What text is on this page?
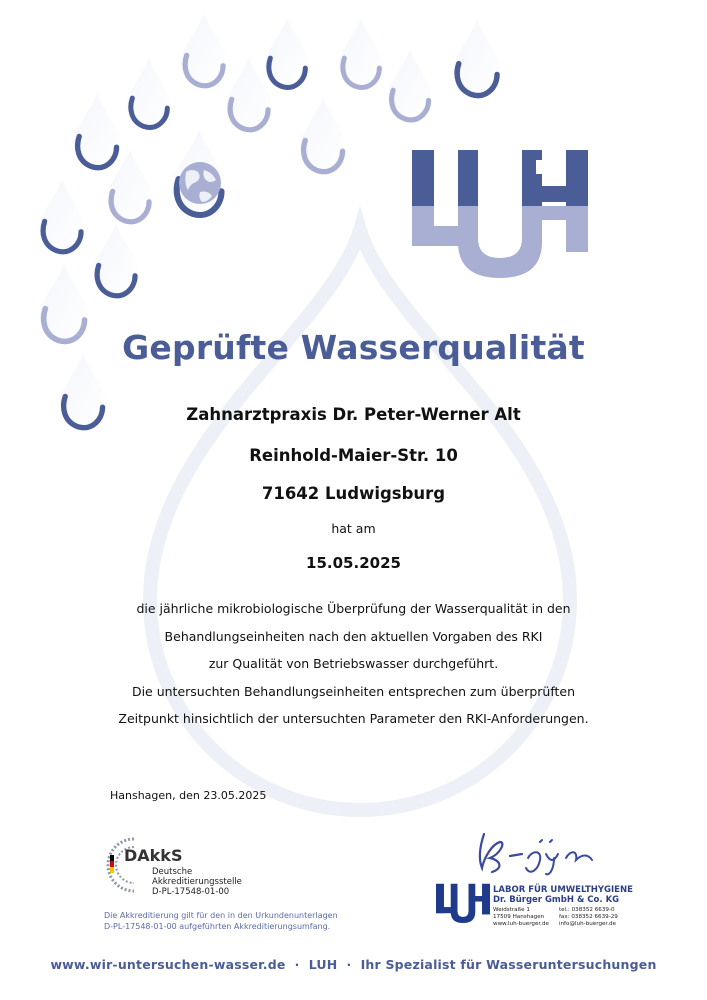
Geprüfte Wasserqualität
Zahnarztpraxis Dr. Peter-Werner Alt
Reinhold-Maier-Str. 10
71642 Ludwigsburg
hat am
15.05.2025
die jährliche mikrobiologische Überprüfung der Wasserqualität in den
Behandlungseinheiten nach den aktuellen Vorgaben des RKI
zur Qualität von Betriebswasser durchgeführt.
Die untersuchten Behandlungseinheiten entsprechen zum überprüften
Zeitpunkt hinsichtlich der untersuchten Parameter den RKI-Anforderungen.
Hanshagen, den 23.05.2025
DAkkS
Deutsche
Akkreditierungsstelle
D-PL-17548-01-00
Die Akkreditierung gilt für den in den Urkundenunterlagen
D-PL-17548-01-00 aufgeführten Akkreditierungsumfang.
LABOR FÜR UMWELTHYGIENE
Dr. Bürger GmbH & Co. KG
Weidstraße 1
17509 Hanshagen
www.luh-buerger.de
tel.: 038352 6639-0
fax: 038352 6639-29
info@luh-buerger.de
www.wir-untersuchen-wasser.de  ·  LUH  ·  Ihr Spezialist für Wasseruntersuchungen
